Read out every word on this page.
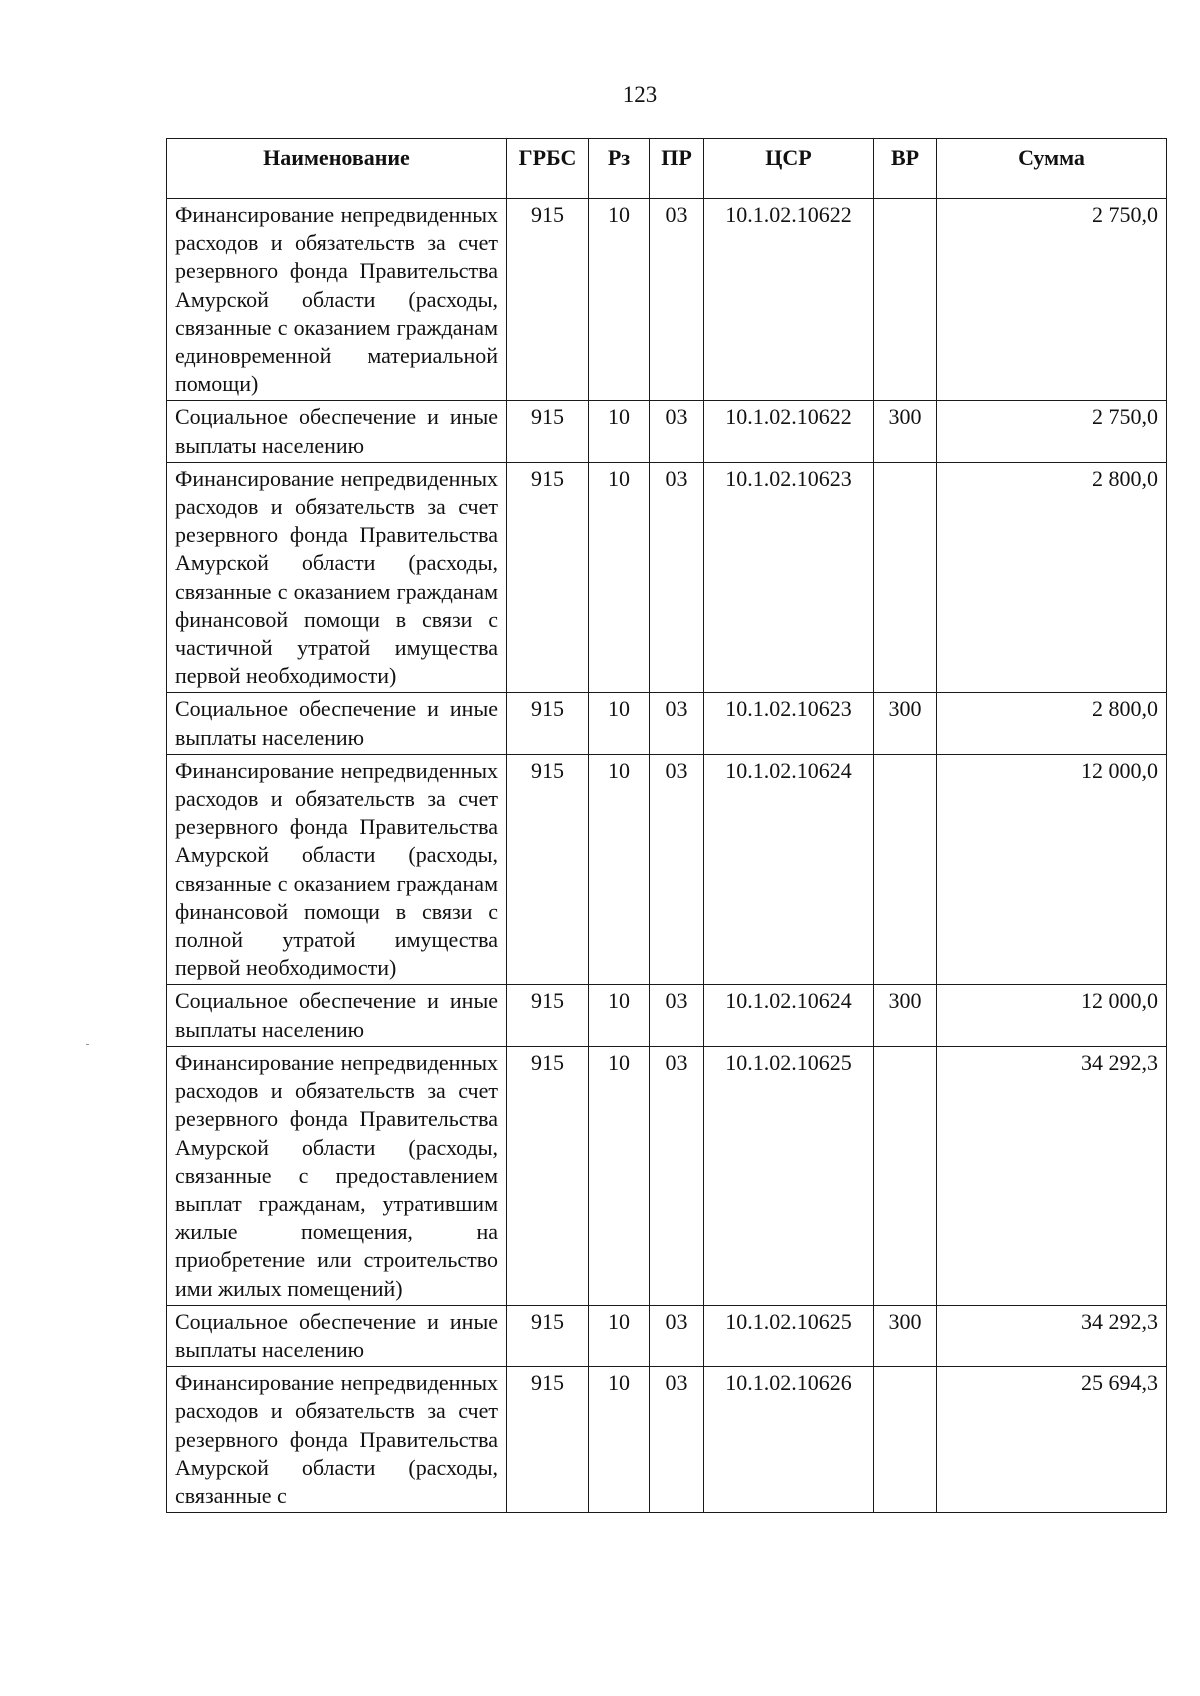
123
Наименование	ГРБС	Рз	ПР	ЦСР	ВР	Сумма
Финансирование непредвиденных расходов и обязательств за счет резервного фонда Правительства Амурской области (расходы, связанные с оказанием гражданам единовременной материальной помощи)	915	10	03	10.1.02.10622		2 750,0
Социальное обеспечение и иные выплаты населению	915	10	03	10.1.02.10622	300	2 750,0
Финансирование непредвиденных расходов и обязательств за счет резервного фонда Правительства Амурской области (расходы, связанные с оказанием гражданам финансовой помощи в связи с частичной утратой имущества первой необходимости)	915	10	03	10.1.02.10623		2 800,0
Социальное обеспечение и иные выплаты населению	915	10	03	10.1.02.10623	300	2 800,0
Финансирование непредвиденных расходов и обязательств за счет резервного фонда Правительства Амурской области (расходы, связанные с оказанием гражданам финансовой помощи в связи с полной утратой имущества первой необходимости)	915	10	03	10.1.02.10624		12 000,0
Социальное обеспечение и иные выплаты населению	915	10	03	10.1.02.10624	300	12 000,0
Финансирование непредвиденных расходов и обязательств за счет резервного фонда Правительства Амурской области (расходы, связанные с предоставлением выплат гражданам, утратившим жилые помещения, на приобретение или строительство ими жилых помещений)	915	10	03	10.1.02.10625		34 292,3
Социальное обеспечение и иные выплаты населению	915	10	03	10.1.02.10625	300	34 292,3
Финансирование непредвиденных расходов и обязательств за счет резервного фонда Правительства Амурской области (расходы, связанные с	915	10	03	10.1.02.10626		25 694,3
